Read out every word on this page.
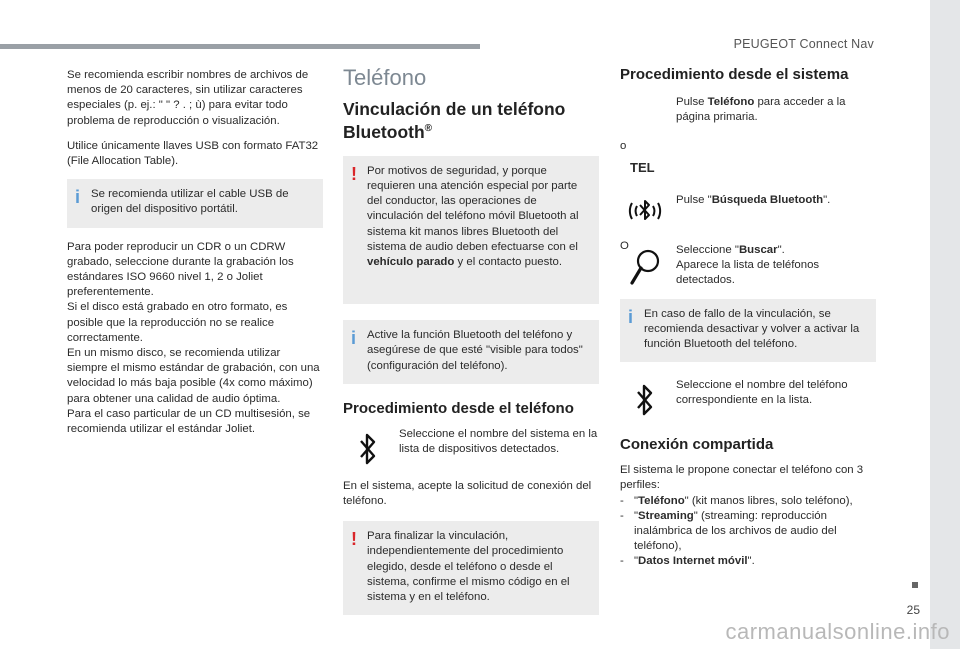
PEUGEOT Connect Nav
25
carmanualsonline.info

Se recomienda escribir nombres de archivos de menos de 20 caracteres, sin utilizar caracteres especiales (p. ej.: " " ? . ; ù) para evitar todo problema de reproducción o visualización.

Utilice únicamente llaves USB con formato FAT32 (File Allocation Table).

i Se recomienda utilizar el cable USB de origen del dispositivo portátil.
Para poder reproducir un CDR o un CDRW grabado, seleccione durante la grabación los estándares ISO 9660 nivel 1, 2 o Joliet preferentemente.
Si el disco está grabado en otro formato, es posible que la reproducción no se realice correctamente.
En un mismo disco, se recomienda utilizar siempre el mismo estándar de grabación, con una velocidad lo más baja posible (4x como máximo) para obtener una calidad de audio óptima.
Para el caso particular de un CD multisesión, se recomienda utilizar el estándar Joliet.
Teléfono
Vinculación de un teléfono Bluetooth®
! Por motivos de seguridad, y porque requieren una atención especial por parte del conductor, las operaciones de vinculación del teléfono móvil Bluetooth al sistema kit manos libres Bluetooth del sistema de audio deben efectuarse con el vehículo parado y el contacto puesto.
i Active la función Bluetooth del teléfono y asegúrese de que esté "visible para todos" (configuración del teléfono).
Procedimiento desde el teléfono
Seleccione el nombre del sistema en la lista de dispositivos detectados.

En el sistema, acepte la solicitud de conexión del teléfono.

! Para finalizar la vinculación, independientemente del procedimiento elegido, desde el teléfono o desde el sistema, confirme el mismo código en el sistema y en el teléfono.
Procedimiento desde el sistema
Pulse Teléfono para acceder a la página primaria.
o
TEL
Pulse "Búsqueda Bluetooth".
O	Seleccione "Buscar".
Aparece la lista de teléfonos detectados.
i En caso de fallo de la vinculación, se recomienda desactivar y volver a activar la función Bluetooth del teléfono.
Seleccione el nombre del teléfono correspondiente en la lista.
Conexión compartida
El sistema le propone conectar el teléfono con 3 perfiles:
- "Teléfono" (kit manos libres, solo teléfono),
- "Streaming" (streaming: reproducción inalámbrica de los archivos de audio del teléfono),
- "Datos Internet móvil".
